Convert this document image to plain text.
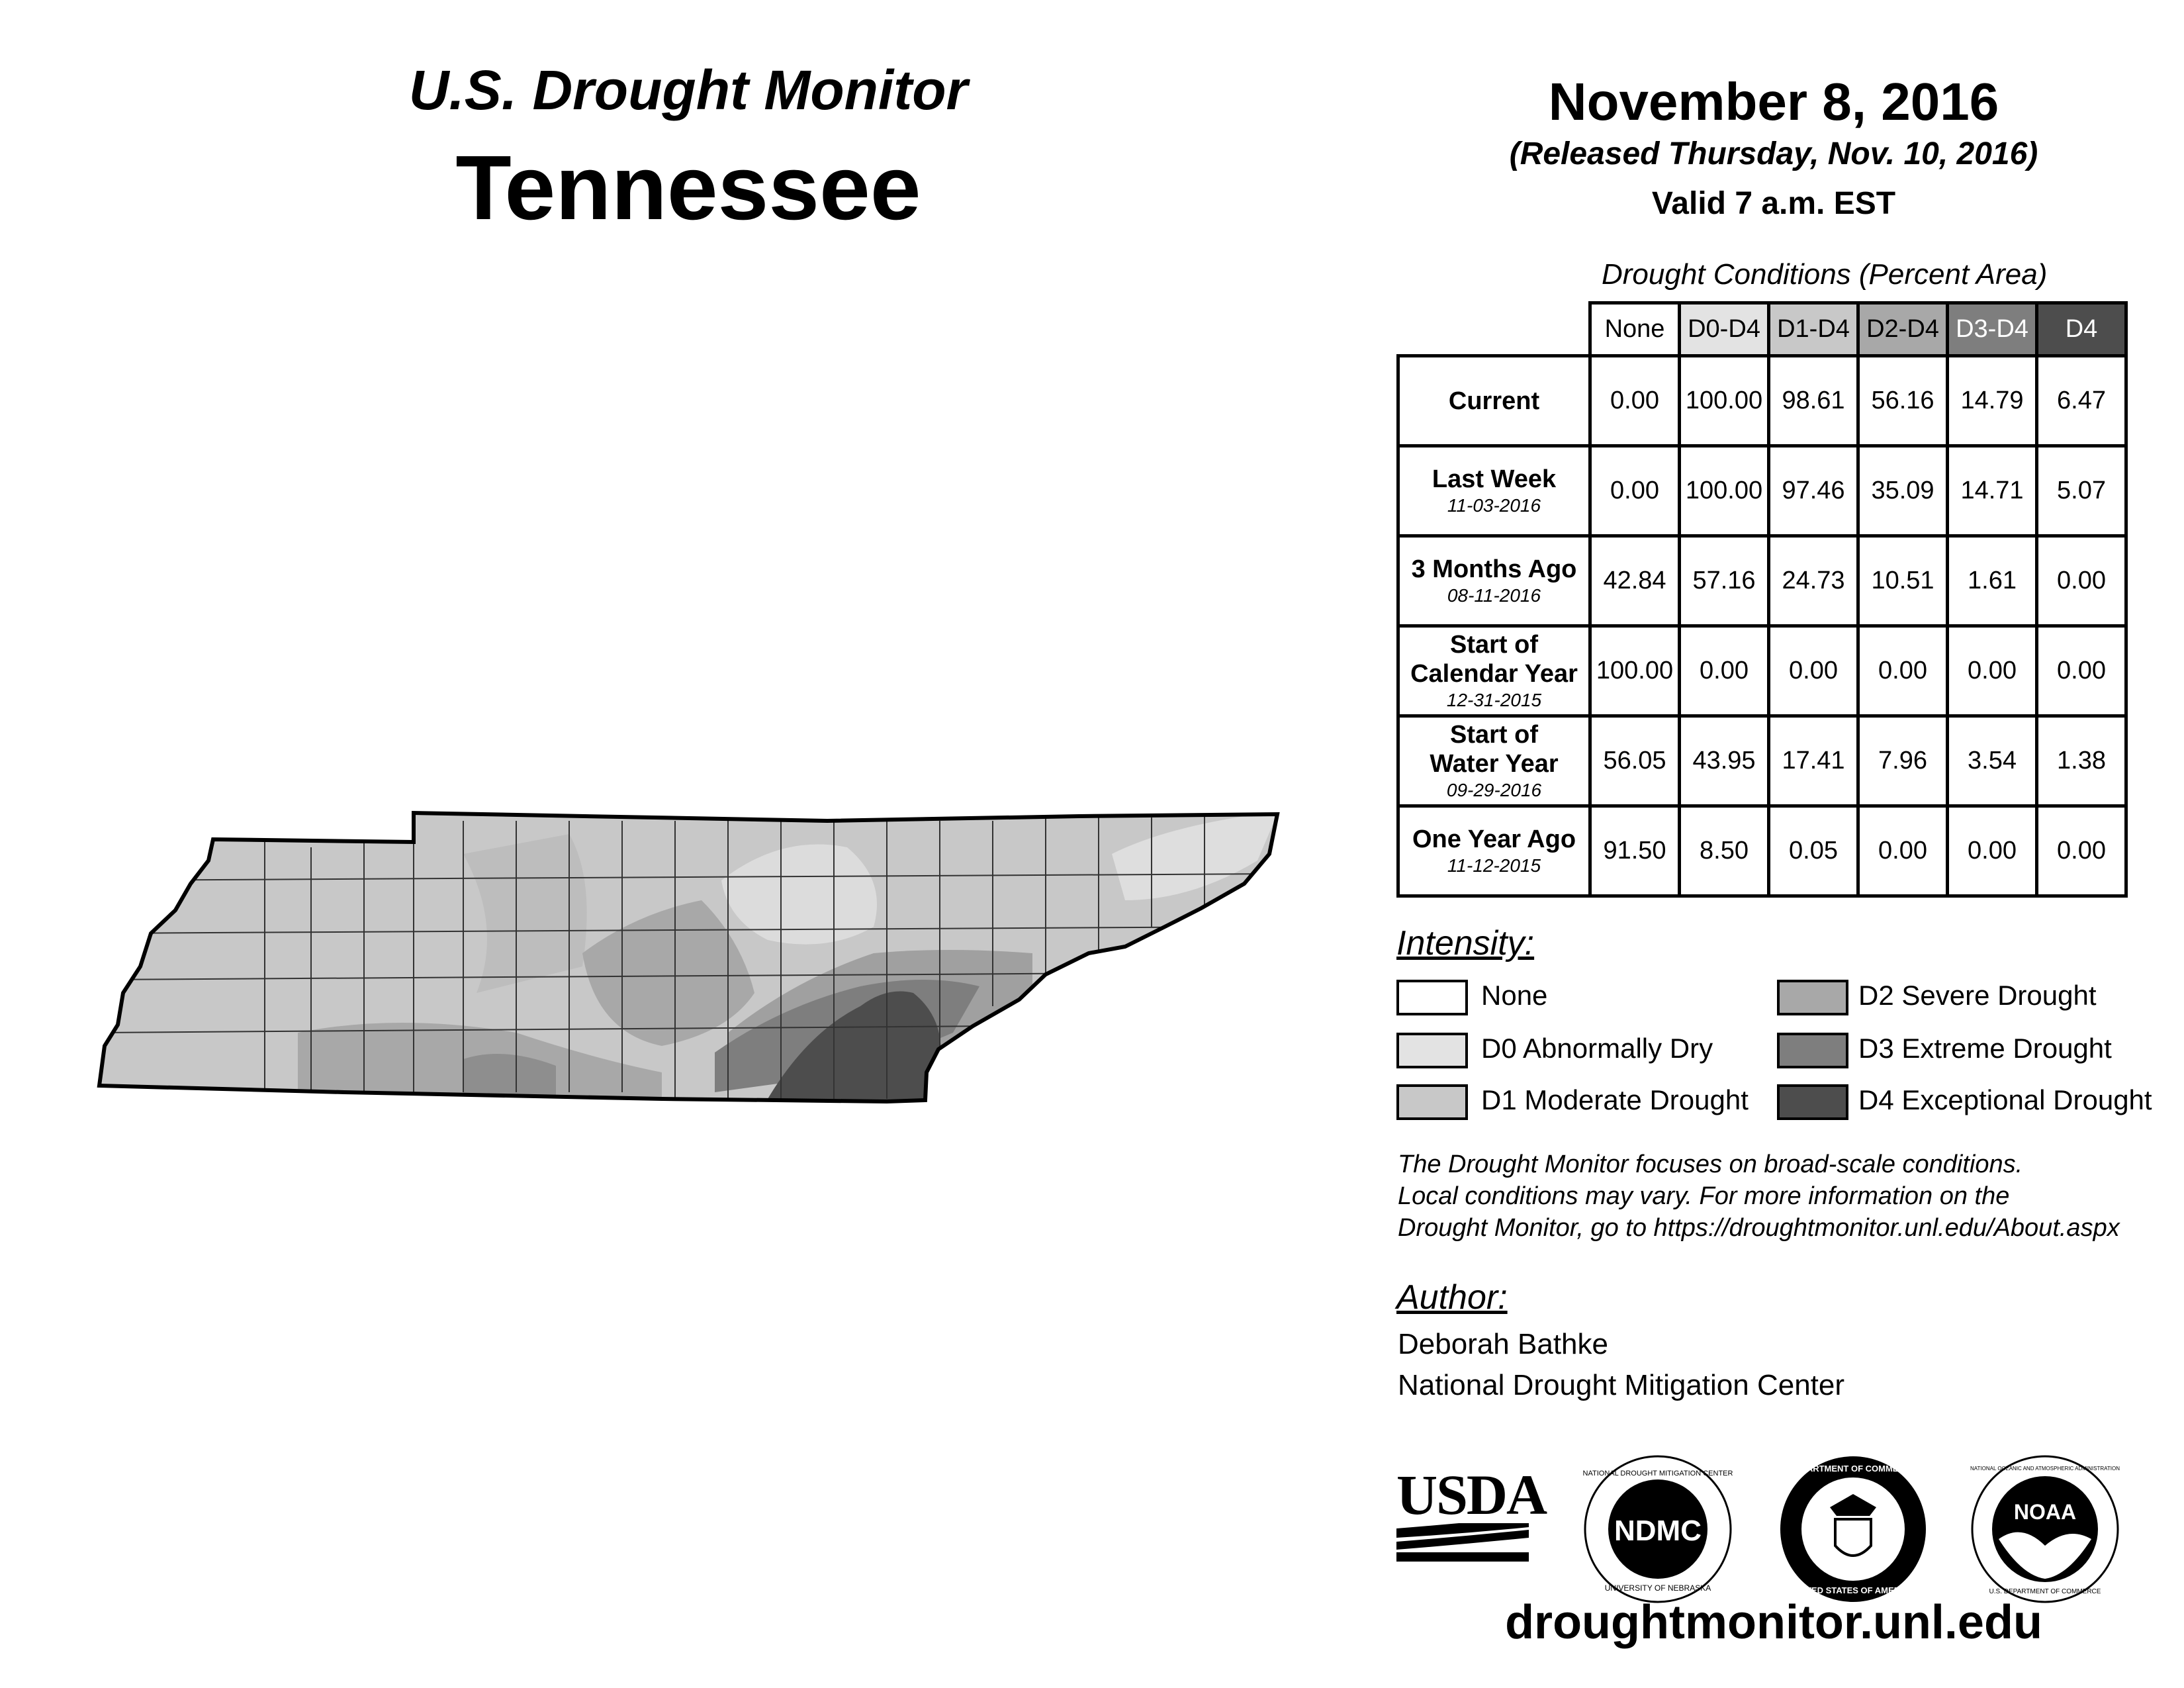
U.S. Drought Monitor
Tennessee
November 8, 2016
(Released Thursday, Nov. 10, 2016)
Valid 7 a.m. EST
Drought Conditions (Percent Area)
	None	D0-D4	D1-D4	D2-D4	D3-D4	D4
Current	0.00	100.00	98.61	56.16	14.79	6.47
Last Week
11-03-2016	0.00	100.00	97.46	35.09	14.71	5.07
3 Months Ago
08-11-2016	42.84	57.16	24.73	10.51	1.61	0.00
Start of Calendar Year
12-31-2015	100.00	0.00	0.00	0.00	0.00	0.00
Start of Water Year
09-29-2016	56.05	43.95	17.41	7.96	3.54	1.38
One Year Ago
11-12-2015	91.50	8.50	0.05	0.00	0.00	0.00
Intensity:
None
D0 Abnormally Dry
D1 Moderate Drought
D2 Severe Drought
D3 Extreme Drought
D4 Exceptional Drought
The Drought Monitor focuses on broad-scale conditions.
Local conditions may vary. For more information on the
Drought Monitor, go to https://droughtmonitor.unl.edu/About.aspx
Author:
Deborah Bathke
National Drought Mitigation Center
USDA
NDMC
NATIONAL DROUGHT MITIGATION CENTER
UNIVERSITY OF NEBRASKA
DEPARTMENT OF COMMERCE
UNITED STATES OF AMERICA
NOAA
NATIONAL OCEANIC AND ATMOSPHERIC ADMINISTRATION
U.S. DEPARTMENT OF COMMERCE
droughtmonitor.unl.edu
